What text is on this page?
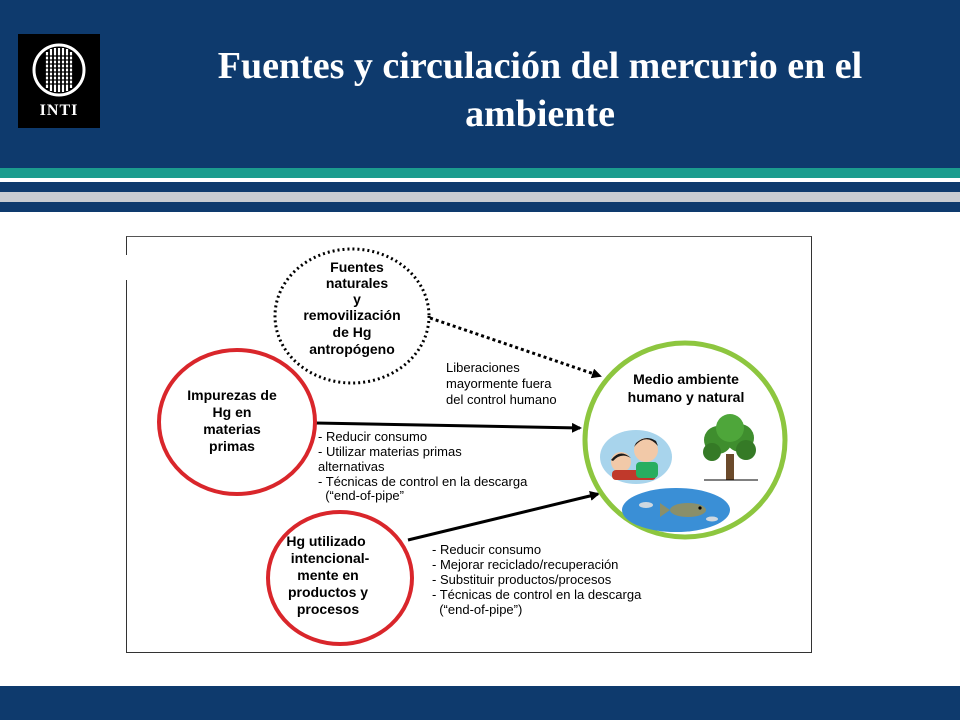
INTI
Fuentes y circulación del mercurio en el
ambiente
Fuentes
naturales
y
removilización
de Hg
antropógeno
Impurezas de
Hg en
materias
primas
Hg utilizado
intencional-
mente en
productos y
procesos
Medio ambiente
humano y natural
Liberaciones
mayormente fuera
del control humano
- Reducir consumo
- Utilizar materias primas
alternativas
- Técnicas de control en la descarga
(“end-of-pipe”
- Reducir consumo
- Mejorar reciclado/recuperación
- Substituir productos/procesos
- Técnicas de control en la descarga
(“end-of-pipe”)
